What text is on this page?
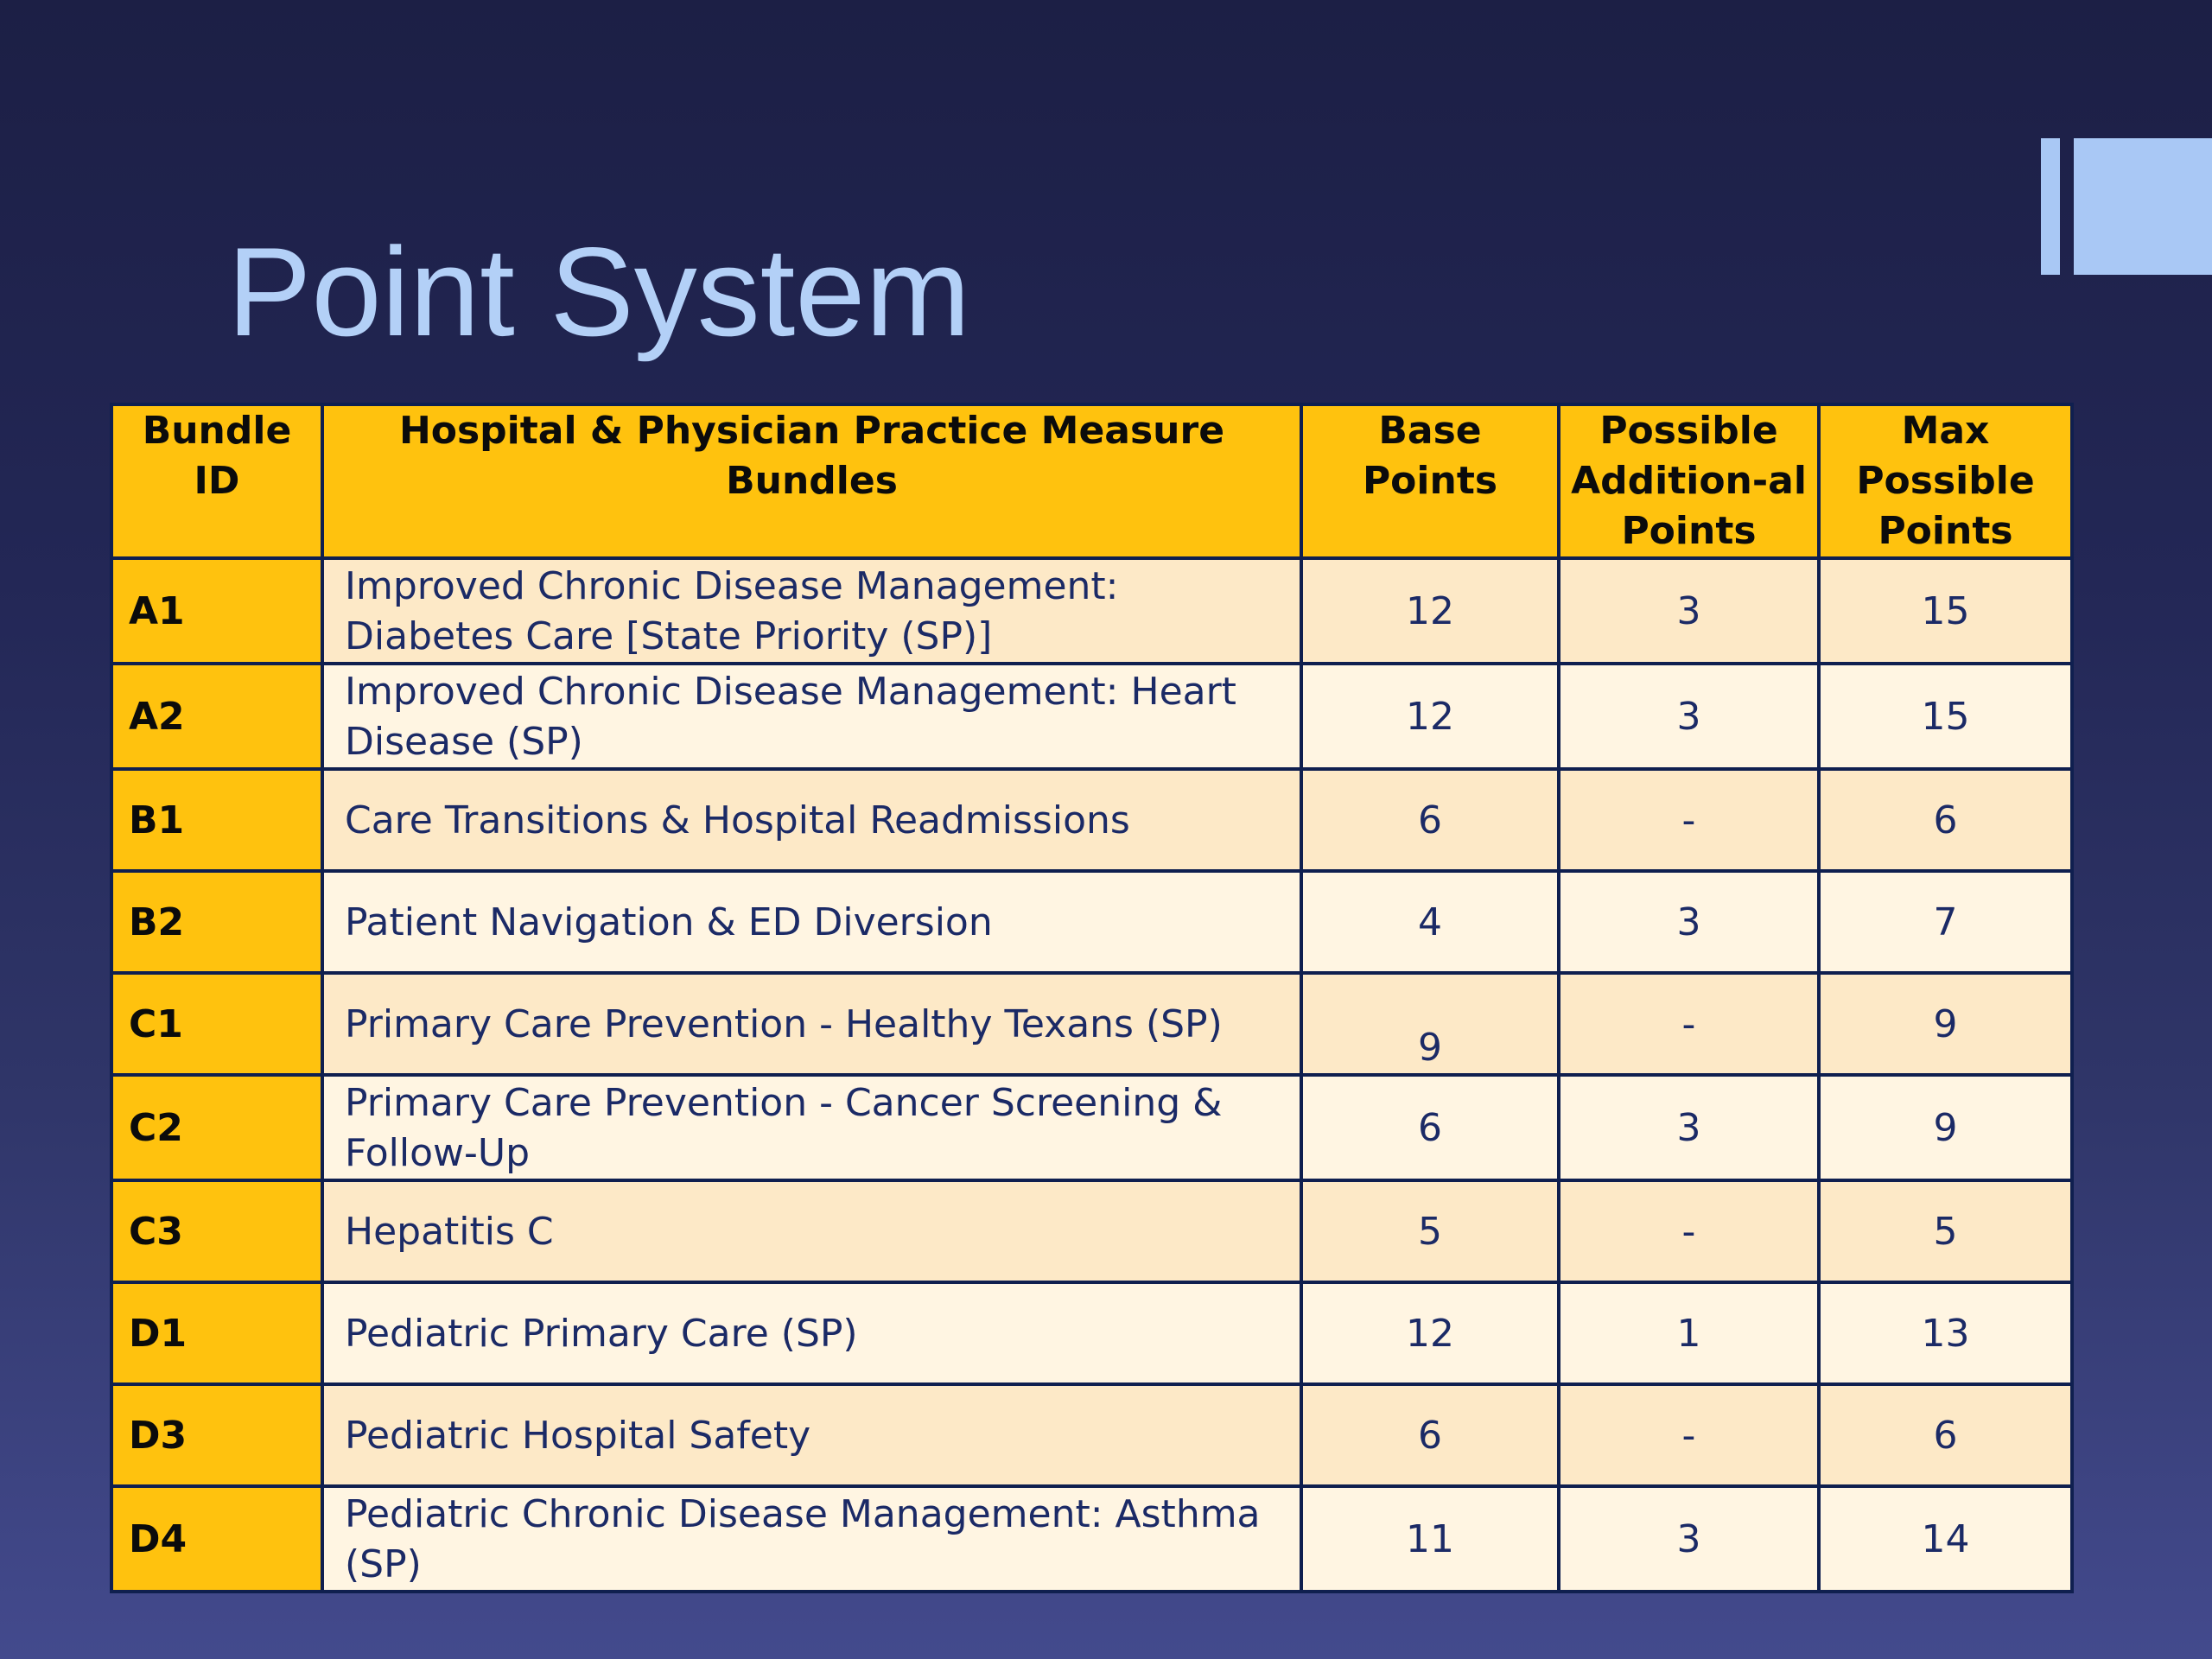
Point System
Bundle ID	Hospital & Physician Practice Measure Bundles	Base Points	Possible Addition-al Points	Max Possible Points
A1	Improved Chronic Disease Management: Diabetes Care [State Priority (SP)]	12	3	15
A2	Improved Chronic Disease Management: Heart Disease (SP)	12	3	15
B1	Care Transitions & Hospital Readmissions	6	-	6
B2	Patient Navigation & ED Diversion	4	3	7
C1	Primary Care Prevention - Healthy Texans (SP)	9	-	9
C2	Primary Care Prevention - Cancer Screening & Follow-Up	6	3	9
C3	Hepatitis C	5	-	5
D1	Pediatric Primary Care (SP)	12	1	13
D3	Pediatric Hospital Safety	6	-	6
D4	Pediatric Chronic Disease Management: Asthma (SP)	11	3	14
